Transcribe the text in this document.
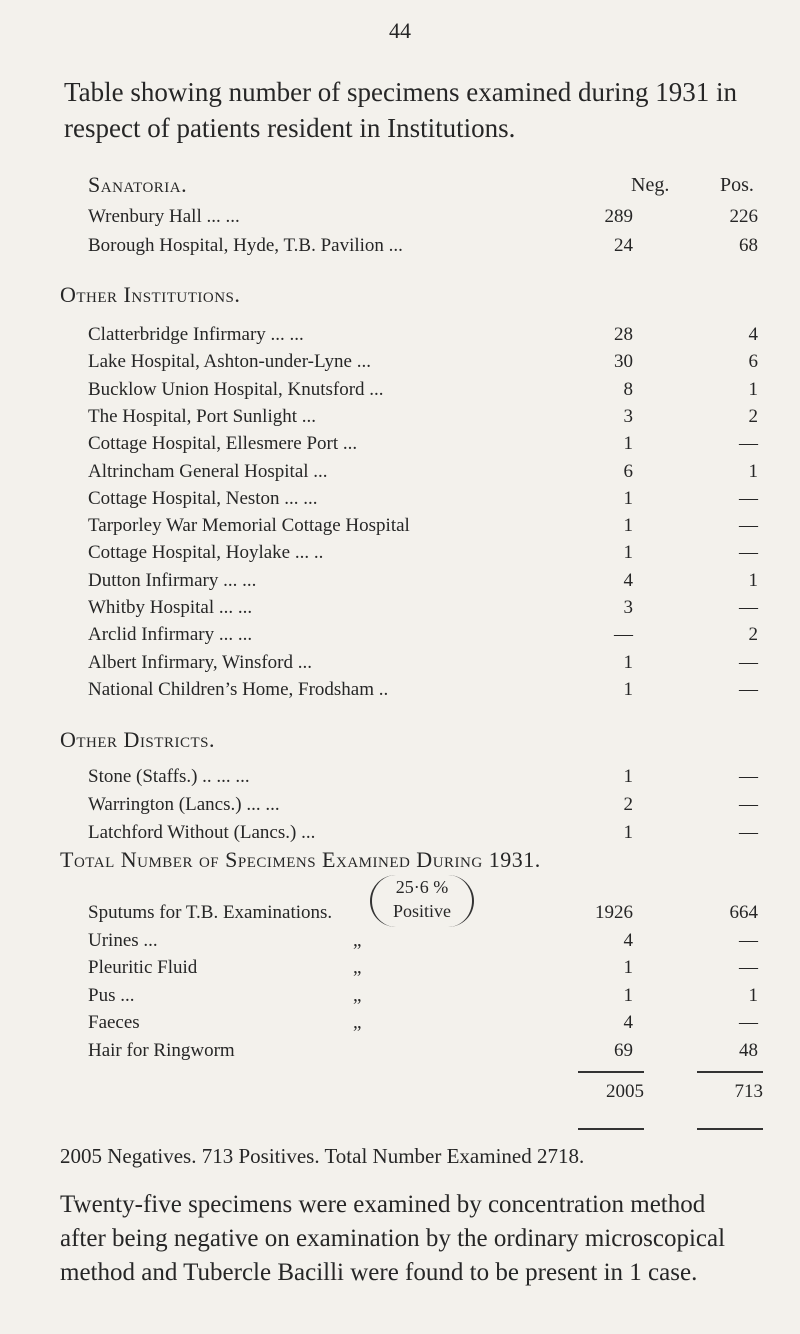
44
Table showing number of specimens examined during 1931 in respect of patients resident in Institutions.
Sanatoria.	Neg.	Pos.
Wrenbury Hall ... ...	289	226
Borough Hospital, Hyde, T.B. Pavilion ...	24	68
Other Institutions.
Clatterbridge Infirmary ... ...	28	4
Lake Hospital, Ashton-under-Lyne ...	30	6
Bucklow Union Hospital, Knutsford ...	8	1
The Hospital, Port Sunlight ...	3	2
Cottage Hospital, Ellesmere Port ...	1	—
Altrincham General Hospital ...	6	1
Cottage Hospital, Neston ... ...	1	—
Tarporley War Memorial Cottage Hospital	1	—
Cottage Hospital, Hoylake ... ..	1	—
Dutton Infirmary ... ...	4	1
Whitby Hospital ... ...	3	—
Arclid Infirmary ... ...	—	2
Albert Infirmary, Winsford ...	1	—
National Children’s Home, Frodsham ..	1	—
Other Districts.
Stone (Staffs.) .. ... ...	1	—
Warrington (Lancs.) ... ...	2	—
Latchford Without (Lancs.) ...	1	—
Total Number of Specimens Examined During 1931.
25·6 %
Positive
Sputums for T.B. Examinations.	1926	664
Urines ...	„	4	—
Pleuritic Fluid	„	1	—
Pus ...	„	1	1
Faeces	„	4	—
Hair for Ringworm	69	48
2005	713
2005 Negatives. 713 Positives. Total Number Examined 2718.
Twenty-five specimens were examined by concentration method after being negative on examination by the ordinary microscopical method and Tubercle Bacilli were found to be present in 1 case.
